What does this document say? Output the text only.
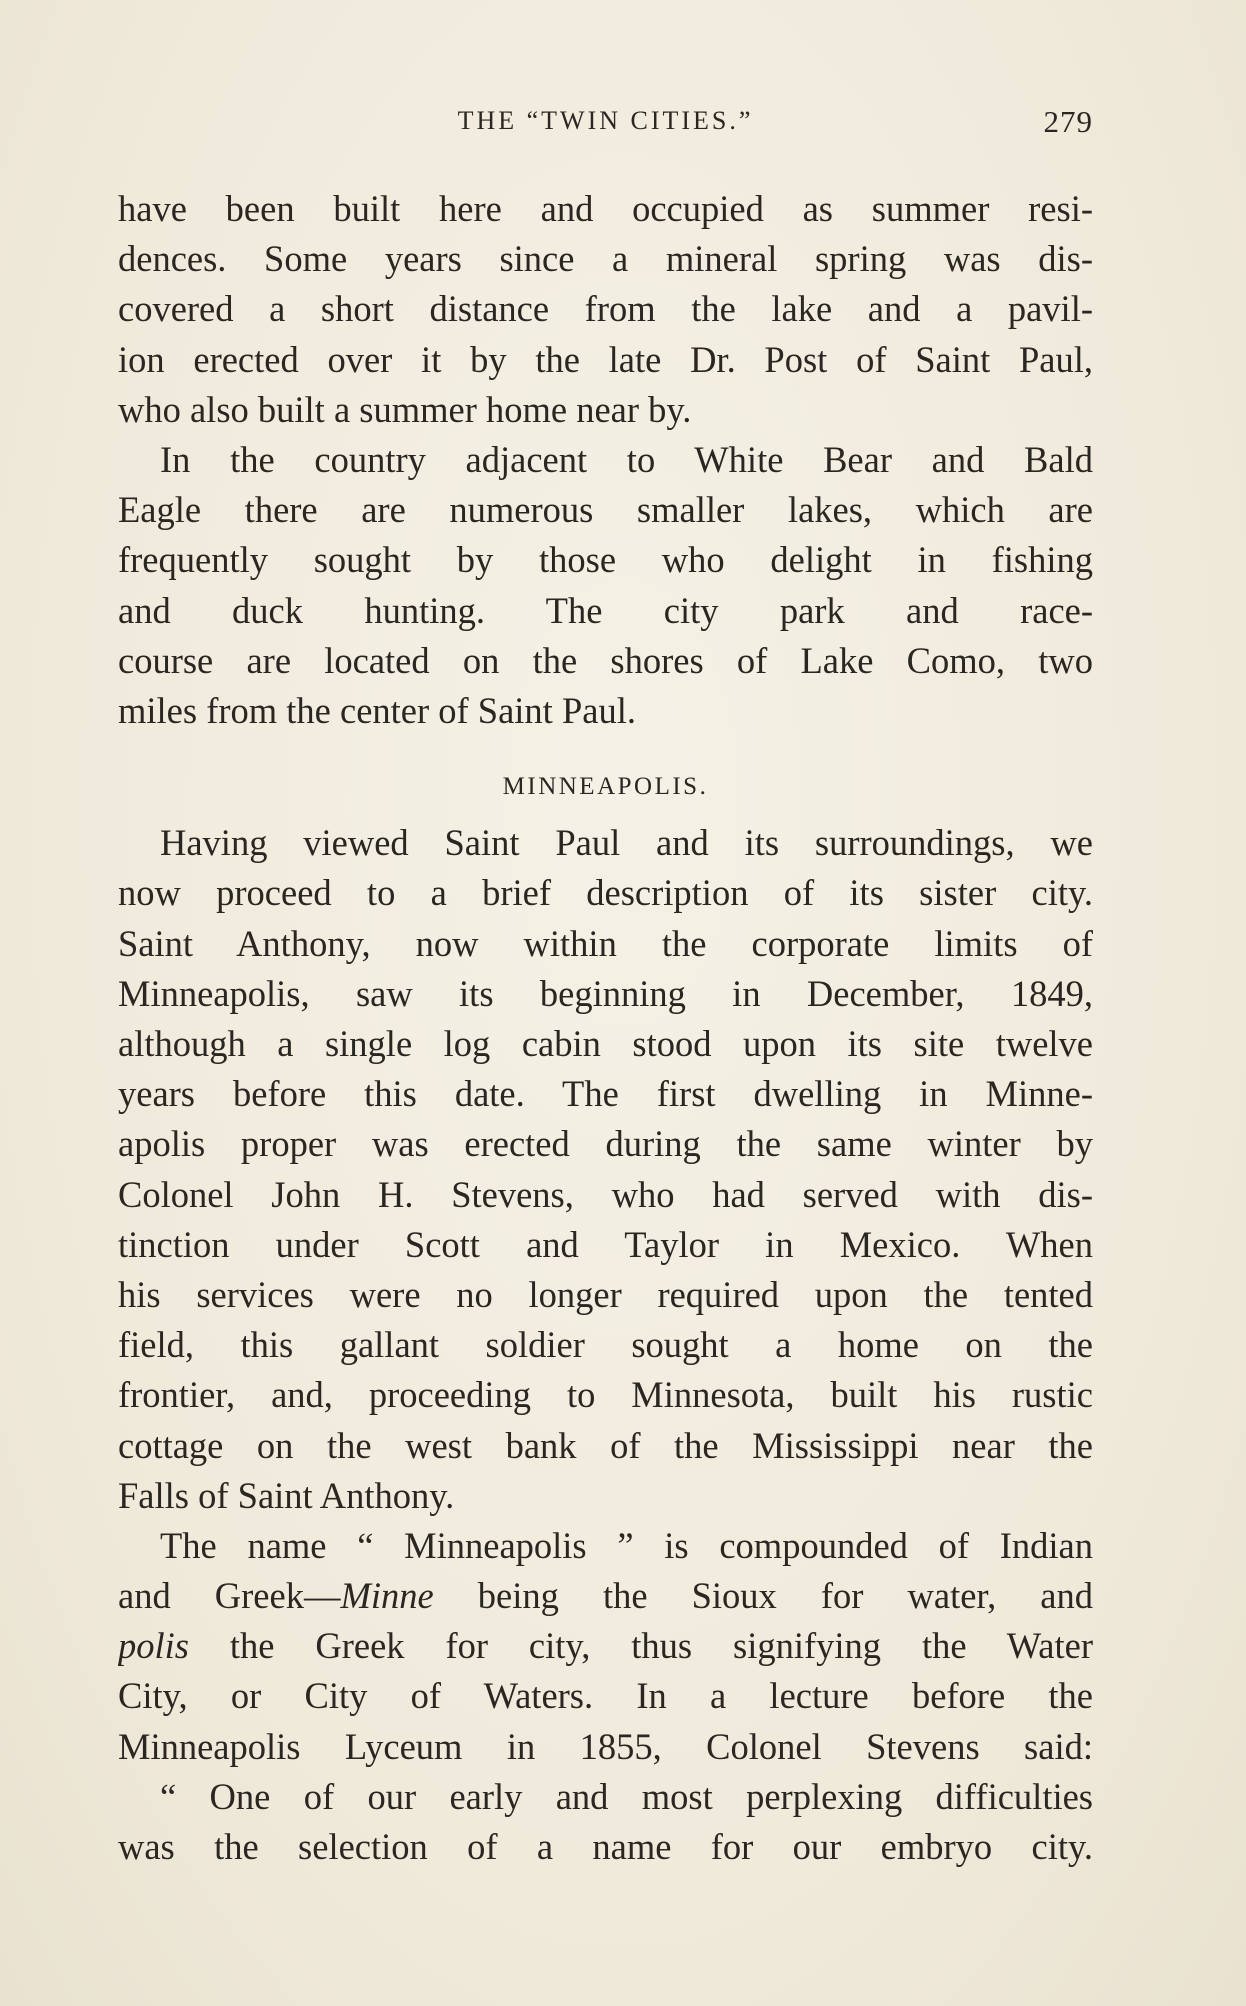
THE “TWIN CITIES.”	279
have been built here and occupied as summer resi-
dences. Some years since a mineral spring was dis-
covered a short distance from the lake and a pavil-
ion erected over it by the late Dr. Post of Saint Paul,
who also built a summer home near by.
In the country adjacent to White Bear and Bald
Eagle there are numerous smaller lakes, which are
frequently sought by those who delight in fishing
and duck hunting. The city park and race-
course are located on the shores of Lake Como, two
miles from the center of Saint Paul.
MINNEAPOLIS.
Having viewed Saint Paul and its surroundings, we
now proceed to a brief description of its sister city.
Saint Anthony, now within the corporate limits of
Minneapolis, saw its beginning in December, 1849,
although a single log cabin stood upon its site twelve
years before this date. The first dwelling in Minne-
apolis proper was erected during the same winter by
Colonel John H. Stevens, who had served with dis-
tinction under Scott and Taylor in Mexico. When
his services were no longer required upon the tented
field, this gallant soldier sought a home on the
frontier, and, proceeding to Minnesota, built his rustic
cottage on the west bank of the Mississippi near the
Falls of Saint Anthony.
The name “ Minneapolis ” is compounded of Indian
and Greek—Minne being the Sioux for water, and
polis the Greek for city, thus signifying the Water
City, or City of Waters. In a lecture before the
Minneapolis Lyceum in 1855, Colonel Stevens said:
“ One of our early and most perplexing difficulties
was the selection of a name for our embryo city.
